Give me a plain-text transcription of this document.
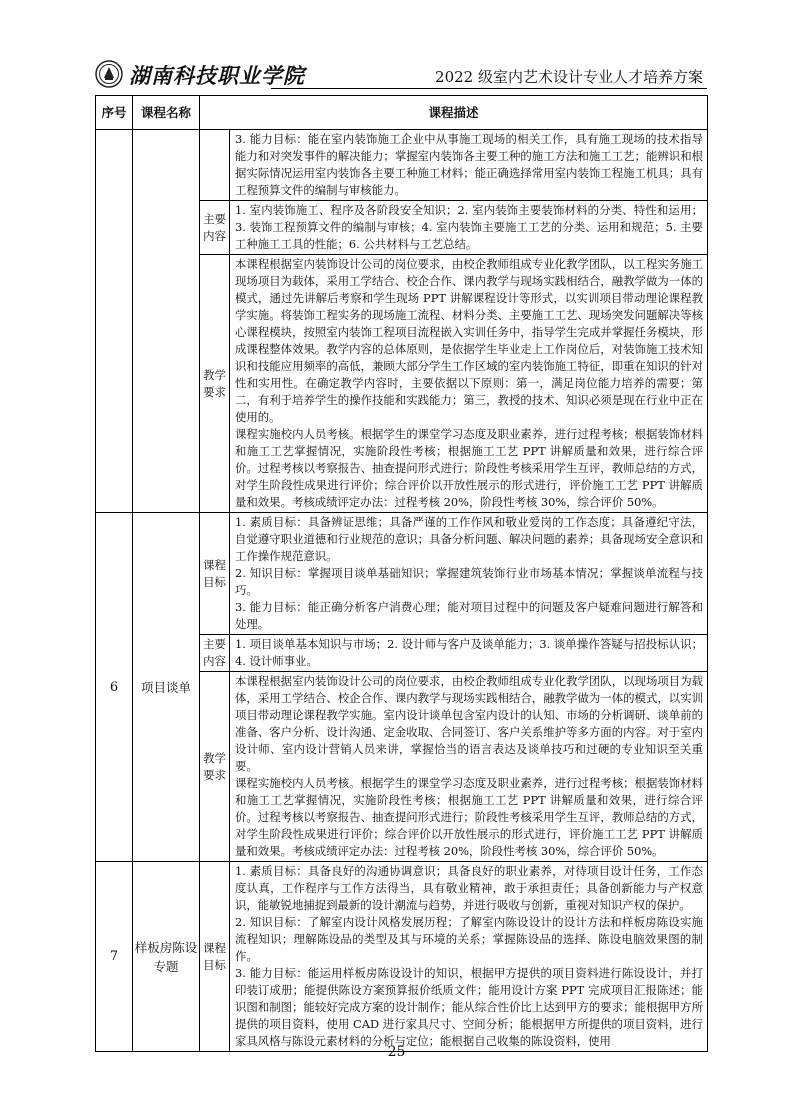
湖南科技职业学院	2022 级室内艺术设计专业人才培养方案
序号	课程名称	课程描述	

			3. 能力目标：能在室内装饰施工企业中从事施工现场的相关工作，具有施工现场的技术指导能力和对突发事件的解决能力；掌握室内装饰各主要工种的施工方法和施工工艺；能辨识和根据实际情况运用室内装饰各主要工种施工材料；能正确选择常用室内装饰工程施工机具；具有工程预算文件的编制与审核能力。

		主要内容	1. 室内装饰施工、程序及各阶段安全知识；2. 室内装饰主要装饰材料的分类、特性和运用；3. 装饰工程预算文件的编制与审核；4. 室内装饰主要施工工艺的分类、运用和规范；5. 主要工种施工工具的性能；6. 公共材料与工艺总结。

		教学要求	本课程根据室内装饰设计公司的岗位要求，由校企教师组成专业化教学团队，以工程实务施工现场项目为载体，采用工学结合、校企合作、课内教学与现场实践相结合，融教学做为一体的模式，通过先讲解后考察和学生现场 PPT 讲解课程设计等形式，以实训项目带动理论课程教学实施。将装饰工程实务的现场施工流程、材料分类、主要施工工艺、现场突发问题解决等核心课程模块，按照室内装饰工程项目流程嵌入实训任务中，指导学生完成并掌握任务模块，形成课程整体效果。教学内容的总体原则，是依据学生毕业走上工作岗位后，对装饰施工技术知识和技能应用频率的高低，兼顾大部分学生工作区域的室内装饰施工特征，即重在知识的针对性和实用性。在确定教学内容时，主要依据以下原则：第一，满足岗位能力培养的需要；第二，有利于培养学生的操作技能和实践能力；第三，教授的技术、知识必须是现在行业中正在使用的。

课程实施校内人员考核。根据学生的课堂学习态度及职业素养，进行过程考核；根据装饰材料和施工工艺掌握情况，实施阶段性考核；根据施工工艺 PPT 讲解质量和效果，进行综合评价。过程考核以考察报告、抽查提问形式进行；阶段性考核采用学生互评，教师总结的方式，对学生阶段性成果进行评价；综合评价以开放性展示的形式进行，评价施工工艺 PPT 讲解质量和效果。考核成绩评定办法：过程考核 20%，阶段性考核 30%，综合评价 50%。

6	项目谈单	课程目标	1. 素质目标：具备辨证思维；具备严谨的工作作风和敬业爱岗的工作态度；具备遵纪守法，自觉遵守职业道德和行业规范的意识；具备分析问题、解决问题的素养；具备现场安全意识和工作操作规范意识。

2. 知识目标：掌握项目谈单基础知识；掌握建筑装饰行业市场基本情况；掌握谈单流程与技巧。

3. 能力目标：能正确分析客户消费心理；能对项目过程中的问题及客户疑难问题进行解答和处理。

		主要内容	1. 项目谈单基本知识与市场；2. 设计师与客户及谈单能力；3. 谈单操作答疑与招投标认识；4. 设计师事业。

		教学要求	本课程根据室内装饰设计公司的岗位要求，由校企教师组成专业化教学团队，以现场项目为载体，采用工学结合、校企合作、课内教学与现场实践相结合，融教学做为一体的模式，以实训项目带动理论课程教学实施。室内设计谈单包含室内设计的认知、市场的分析调研、谈单前的准备、客户分析、设计沟通、定金收取、合同签订、客户关系维护等多方面的内容。对于室内设计师、室内设计营销人员来讲，掌握恰当的语言表达及谈单技巧和过硬的专业知识至关重要。

课程实施校内人员考核。根据学生的课堂学习态度及职业素养，进行过程考核；根据装饰材料和施工工艺掌握情况，实施阶段性考核；根据施工工艺 PPT 讲解质量和效果，进行综合评价。过程考核以考察报告、抽查提问形式进行；阶段性考核采用学生互评，教师总结的方式，对学生阶段性成果进行评价；综合评价以开放性展示的形式进行，评价施工工艺 PPT 讲解质量和效果。考核成绩评定办法：过程考核 20%，阶段性考核 30%，综合评价 50%。

7	样板房陈设专题	课程目标	1. 素质目标：具备良好的沟通协调意识；具备良好的职业素养，对待项目设计任务，工作态度认真，工作程序与工作方法得当，具有敬业精神，敢于承担责任；具备创新能力与产权意识，能敏锐地捕捉到最新的设计潮流与趋势，并进行吸收与创新，重视对知识产权的保护。

2. 知识目标：了解室内设计风格发展历程；了解室内陈设设计的设计方法和样板房陈设实施流程知识；理解陈设品的类型及其与环境的关系；掌握陈设品的选择、陈设电脑效果图的制作。

3. 能力目标：能运用样板房陈设设计的知识，根据甲方提供的项目资料进行陈设设计，并打印装订成册；能提供陈设方案预算报价纸质文件；能用设计方案 PPT 完成项目汇报陈述；能识图和制图；能较好完成方案的设计制作；能从综合性价比上达到甲方的要求；能根据甲方所提供的项目资料，使用 CAD 进行家具尺寸、空间分析；能根据甲方所提供的项目资料，进行家具风格与陈设元素材料的分析与定位；能根据自己收集的陈设资料，使用

25
